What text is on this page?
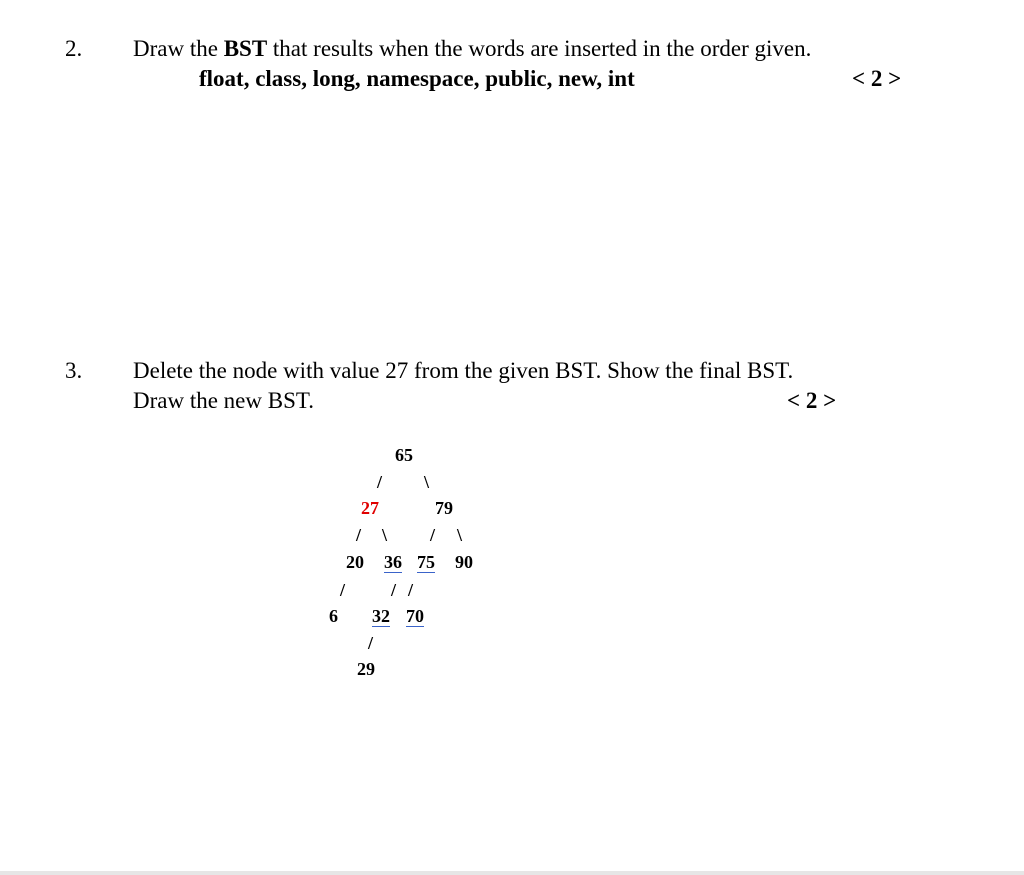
2. Draw the BST that results when the words are inserted in the order given.
float, class, long, namespace, public, new, int	< 2 >
3. Delete the node with value 27 from the given BST. Show the final BST.
Draw the new BST.	< 2 >
65
/ \
27	79
/ \ / \
20 36 75 90
/	/ /
6 32 70
/
29
